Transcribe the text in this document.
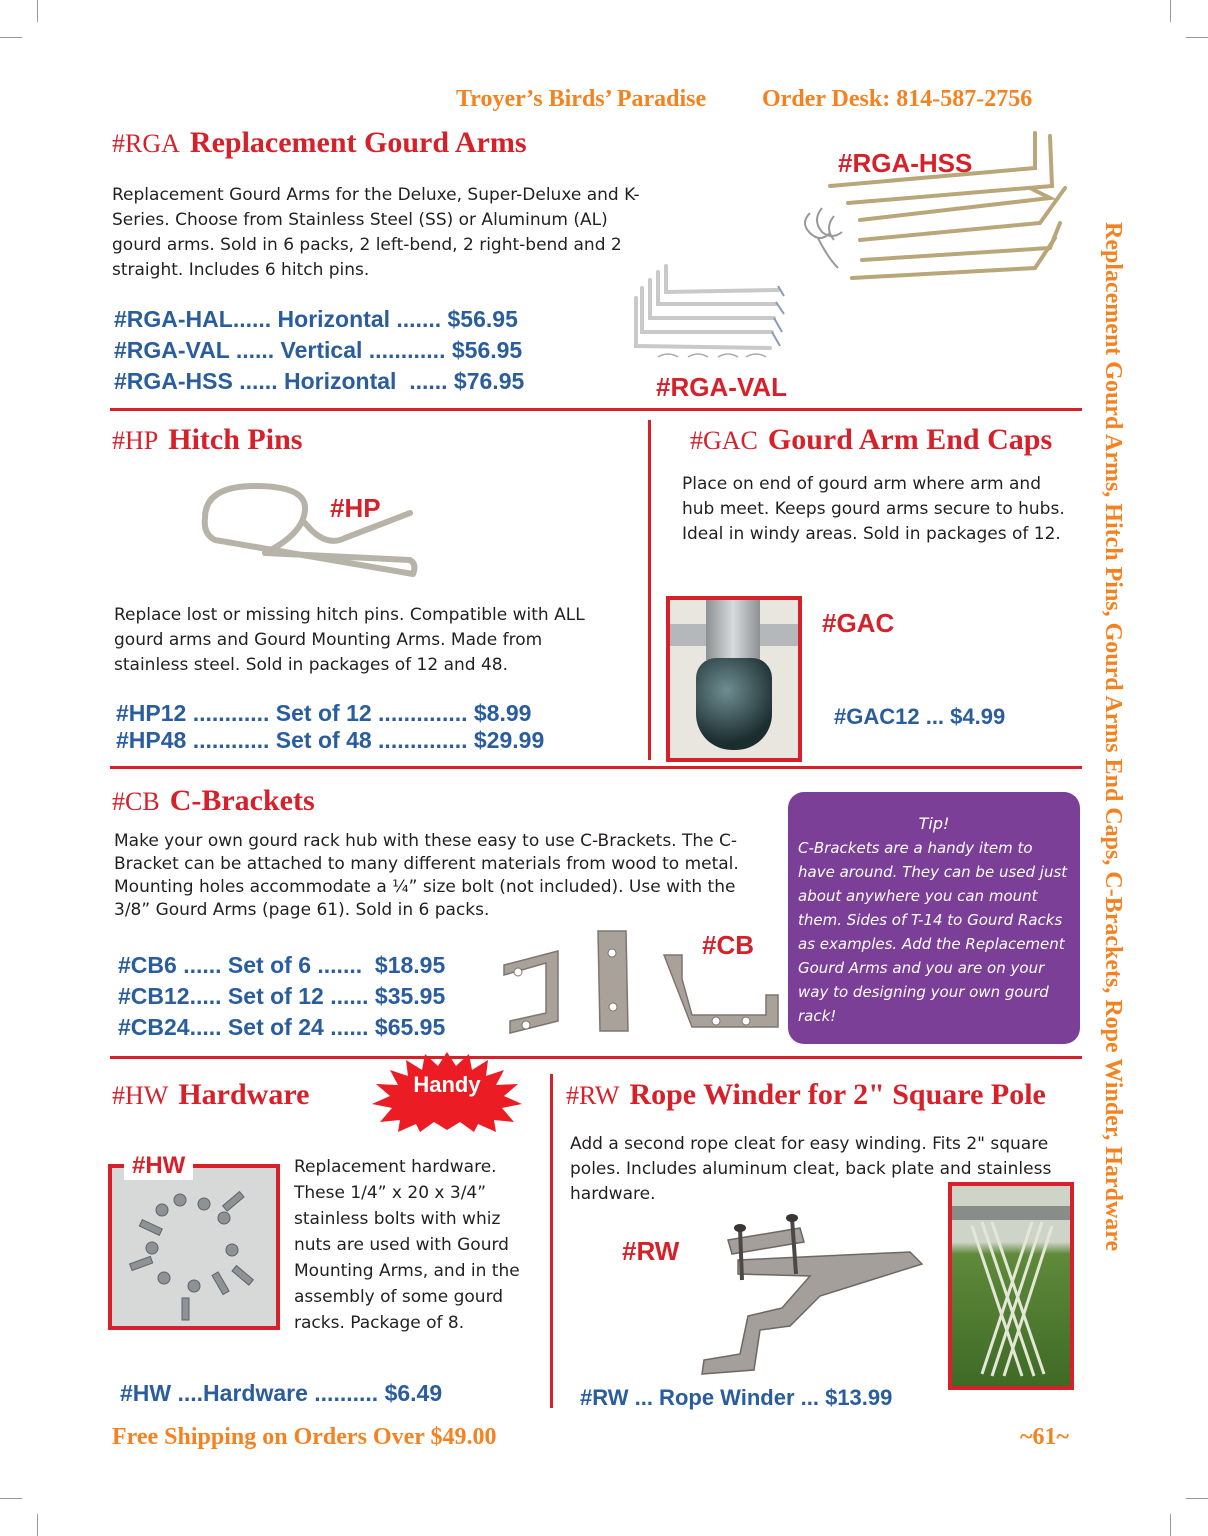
Troyer’s Birds’ Paradise Order Desk: 814-587-2756
Replacement Gourd Arms, Hitch Pins, Gourd Arms End Caps, C-Brackets, Rope Winder, Hardware
#RGA Replacement Gourd Arms
Replacement Gourd Arms for the Deluxe, Super-Deluxe and K-Series. Choose from Stainless Steel (SS) or Aluminum (AL) gourd arms. Sold in 6 packs, 2 left-bend, 2 right-bend and 2 straight. Includes 6 hitch pins.
#RGA-HAL...... Horizontal ....... $56.95
#RGA-VAL ...... Vertical ............ $56.95
#RGA-HSS ...... Horizontal  ...... $76.95
#RGA-HSS
#RGA-VAL
#HP Hitch Pins
#HP
Replace lost or missing hitch pins. Compatible with ALL gourd arms and Gourd Mounting Arms. Made from stainless steel. Sold in packages of 12 and 48.
#HP12 ............ Set of 12 .............. $8.99
#HP48 ............ Set of 48 .............. $29.99
#GAC Gourd Arm End Caps
Place on end of gourd arm where arm and hub meet. Keeps gourd arms secure to hubs. Ideal in windy areas. Sold in packages of 12.
#GAC
#GAC12 ... $4.99
#CB C-Brackets
Make your own gourd rack hub with these easy to use C-Brackets. The C-Bracket can be attached to many different materials from wood to metal. Mounting holes accommodate a ¼” size bolt (not included). Use with the 3/8” Gourd Arms (page 61). Sold in 6 packs.
#CB6 ...... Set of 6 .......  $18.95
#CB12..... Set of 12 ...... $35.95
#CB24..... Set of 24 ...... $65.95
#CB
Tip!
C-Brackets are a handy item to have around. They can be used just about anywhere you can mount them. Sides of T-14 to Gourd Racks as examples. Add the Replacement Gourd Arms and you are on your way to designing your own gourd rack!
#HW Hardware	Handy
#HW	Replacement hardware. These 1/4” x 20 x 3/4” stainless bolts with whiz nuts are used with Gourd Mounting Arms, and in the assembly of some gourd racks. Package of 8.
#HW ....Hardware .......... $6.49
#RW Rope Winder for 2" Square Pole
Add a second rope cleat for easy winding. Fits 2" square poles. Includes aluminum cleat, back plate and stainless hardware.
#RW
#RW ... Rope Winder ... $13.99
Free Shipping on Orders Over $49.00	~61~
